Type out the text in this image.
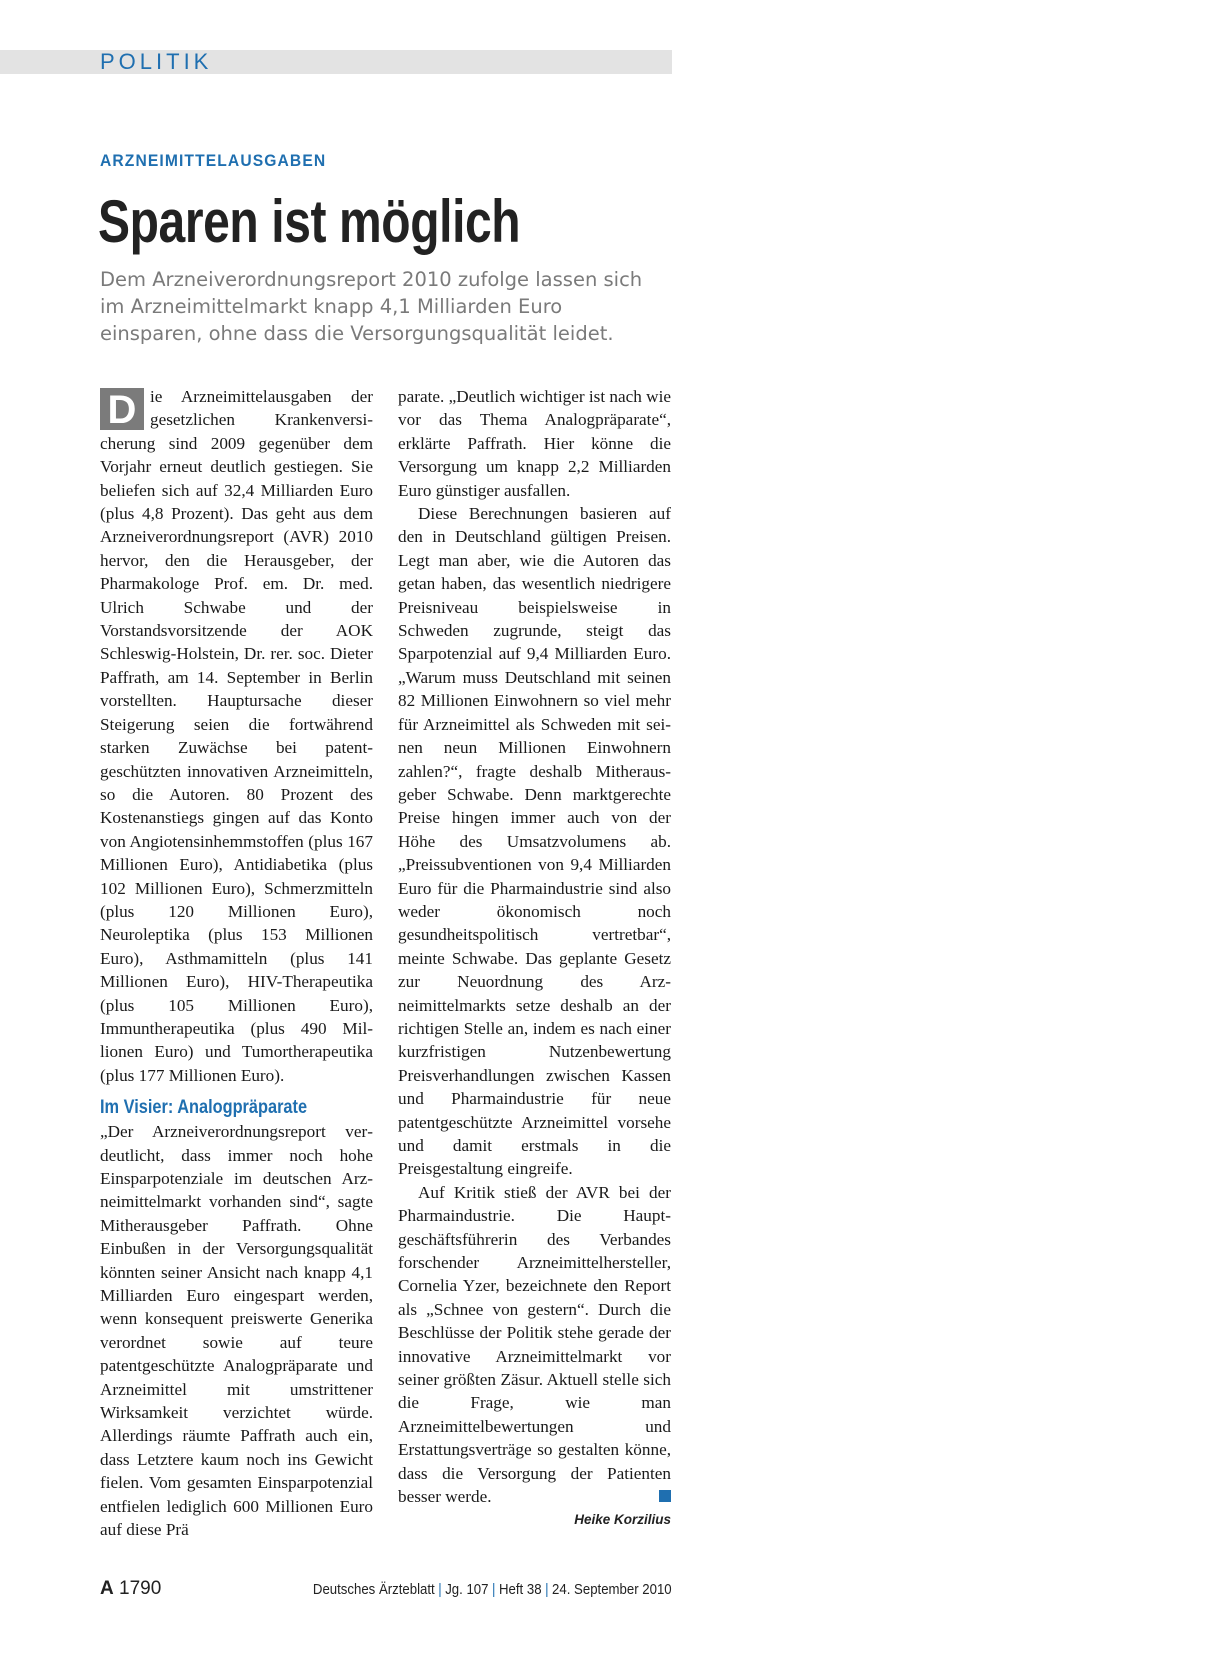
POLITIK
ARZNEIMITTELAUSGABEN
Sparen ist möglich

Dem Arzneiverordnungsreport 2010 zufolge lassen sich im Arzneimittelmarkt knapp 4,1 Milliarden Euro einsparen, ohne dass die Versorgungsqualität leidet.

D ie Arzneimittelausgaben der gesetzlichen Krankenversicherung sind 2009 gegenüber dem Vorjahr erneut deutlich gestiegen. Sie beliefen sich auf 32,4 Milliarden Euro (plus 4,8 Prozent). Das geht aus dem Arzneiverordnungsreport (AVR) 2010 hervor, den die Herausgeber, der Pharmakologe Prof. em. Dr. med. Ulrich Schwabe und der Vorstandsvorsitzende der AOK Schleswig-Holstein, Dr. rer. soc. Dieter Paffrath, am 14. September in Berlin vorstellten. Hauptursache dieser Steigerung seien die fortwährend starken Zuwächse bei patentgeschützten innovativen Arzneimitteln, so die Autoren. 80 Prozent des Kostenanstiegs gingen auf das Konto von Angiotensinhemmstoffen (plus 167 Millionen Euro), Antidiabetika (plus 102 Millionen Euro), Schmerzmitteln (plus 120 Millionen Euro), Neuroleptika (plus 153 Millionen Euro), Asthmamitteln (plus 141 Millionen Euro), HIV-Therapeutika (plus 105 Millionen Euro), Immuntherapeutika (plus 490 Millionen Euro) und Tumortherapeutika (plus 177 Millionen Euro).

Im Visier: Analogpräparate

„Der Arzneiverordnungsreport verdeutlicht, dass immer noch hohe Einsparpotenziale im deutschen Arzneimittelmarkt vorhanden sind“, sagte Mitherausgeber Paffrath. Ohne Einbußen in der Versorgungsqualität könnten seiner Ansicht nach knapp 4,1 Milliarden Euro eingespart werden, wenn konsequent preiswerte Generika verordnet sowie auf teure patentgeschützte Analogpräparate und Arzneimittel mit umstrittener Wirksamkeit verzichtet würde. Allerdings räumte Paffrath auch ein, dass Letztere kaum noch ins Gewicht fielen. Vom gesamten Einsparpotenzial entfielen lediglich 600 Millionen Euro auf diese Prä

parate. „Deutlich wichtiger ist nach wie vor das Thema Analogpräparate“, erklärte Paffrath. Hier könne die Versorgung um knapp 2,2 Milliarden Euro günstiger ausfallen.

Diese Berechnungen basieren auf den in Deutschland gültigen Preisen. Legt man aber, wie die Autoren das getan haben, das wesentlich niedrigere Preisniveau beispielsweise in Schweden zugrunde, steigt das Sparpotenzial auf 9,4 Milliarden Euro. „Warum muss Deutschland mit seinen 82 Millionen Einwohnern so viel mehr für Arzneimittel als Schweden mit seinen neun Millionen Einwohnern zahlen?“, fragte deshalb Mitherausgeber Schwabe. Denn marktgerechte Preise hingen immer auch von der Höhe des Umsatzvolumens ab. „Preissubventionen von 9,4 Milliarden Euro für die Pharmaindustrie sind also weder ökonomisch noch gesundheitspolitisch vertretbar“, meinte Schwabe. Das geplante Gesetz zur Neuordnung des Arzneimittelmarkts setze deshalb an der richtigen Stelle an, indem es nach einer kurzfristigen Nutzenbewertung Preisverhandlungen zwischen Kassen und Pharmaindustrie für neue patentgeschützte Arzneimittel vorsehe und damit erstmals in die Preisgestaltung eingreife.

Auf Kritik stieß der AVR bei der Pharmaindustrie. Die Hauptgeschäftsführerin des Verbandes forschender Arzneimittelhersteller, Cornelia Yzer, bezeichnete den Report als „Schnee von gestern“. Durch die Beschlüsse der Politik stehe gerade der innovative Arzneimittelmarkt vor seiner größten Zäsur. Aktuell stelle sich die Frage, wie man Arzneimittelbewertungen und Erstattungsverträge so gestalten könne, dass die Versorgung der Patienten besser werde.

Heike Korzilius
A 1790	Deutsches Ärzteblatt | Jg. 107 | Heft 38 | 24. September 2010
